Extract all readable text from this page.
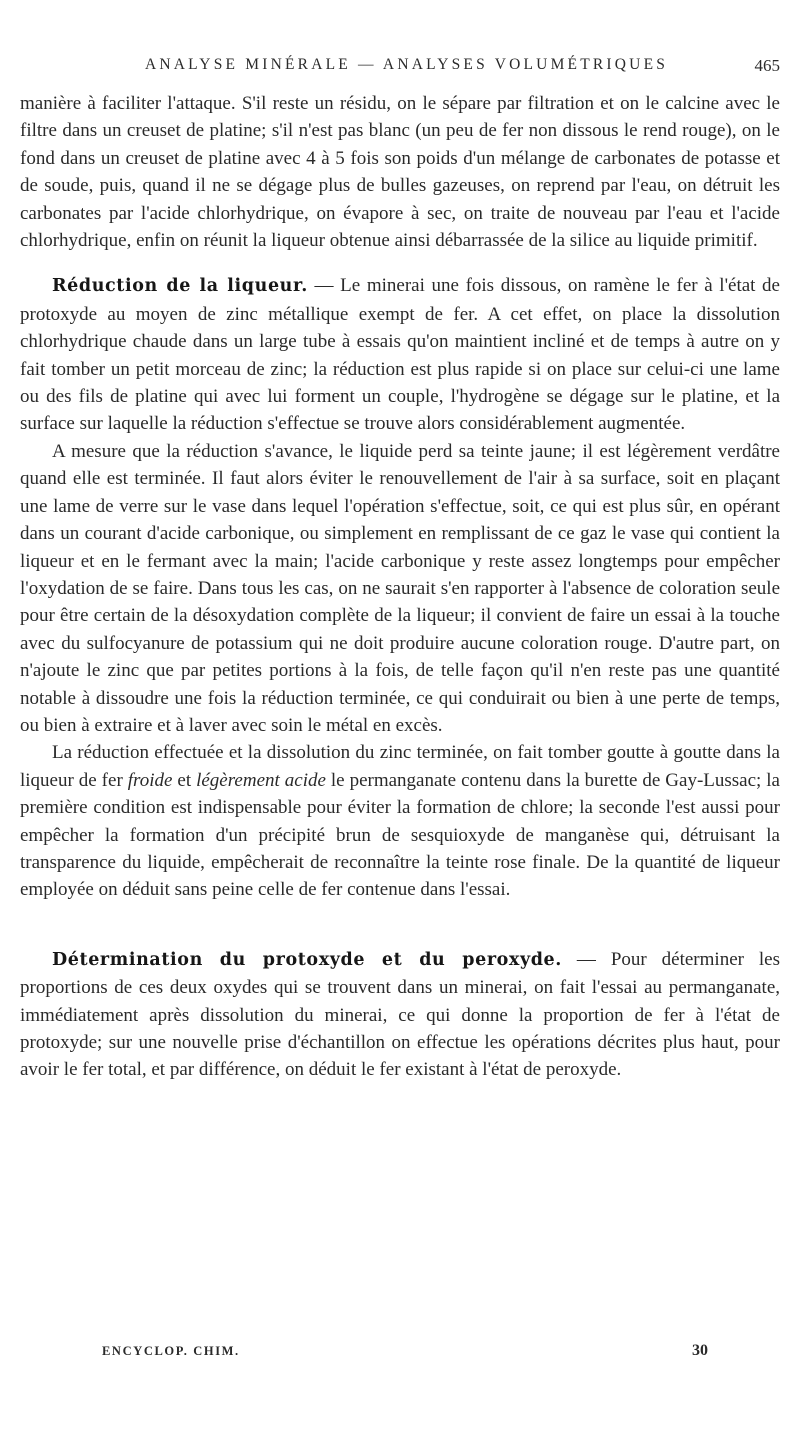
ANALYSE MINÉRALE — ANALYSES VOLUMÉTRIQUES	465

manière à faciliter l'attaque. S'il reste un résidu, on le sépare par filtration et on le calcine avec le filtre dans un creuset de platine; s'il n'est pas blanc (un peu de fer non dissous le rend rouge), on le fond dans un creuset de platine avec 4 à 5 fois son poids d'un mélange de carbonates de potasse et de soude, puis, quand il ne se dégage plus de bulles gazeuses, on reprend par l'eau, on détruit les carbonates par l'acide chlorhydrique, on évapore à sec, on traite de nouveau par l'eau et l'acide chlorhydrique, enfin on réunit la liqueur obtenue ainsi débarrassée de la silice au liquide primitif.

Réduction de la liqueur. — Le minerai une fois dissous, on ramène le fer à l'état de protoxyde au moyen de zinc métallique exempt de fer. A cet effet, on place la dissolution chlorhydrique chaude dans un large tube à essais qu'on maintient incliné et de temps à autre on y fait tomber un petit morceau de zinc; la réduction est plus rapide si on place sur celui-ci une lame ou des fils de platine qui avec lui forment un couple, l'hydrogène se dégage sur le platine, et la surface sur laquelle la réduction s'effectue se trouve alors considérablement augmentée.

A mesure que la réduction s'avance, le liquide perd sa teinte jaune; il est légèrement verdâtre quand elle est terminée. Il faut alors éviter le renouvellement de l'air à sa surface, soit en plaçant une lame de verre sur le vase dans lequel l'opération s'effectue, soit, ce qui est plus sûr, en opérant dans un courant d'acide carbonique, ou simplement en remplissant de ce gaz le vase qui contient la liqueur et en le fermant avec la main; l'acide carbonique y reste assez longtemps pour empêcher l'oxydation de se faire. Dans tous les cas, on ne saurait s'en rapporter à l'absence de coloration seule pour être certain de la désoxydation complète de la liqueur; il convient de faire un essai à la touche avec du sulfocyanure de potassium qui ne doit produire aucune coloration rouge. D'autre part, on n'ajoute le zinc que par petites portions à la fois, de telle façon qu'il n'en reste pas une quantité notable à dissoudre une fois la réduction terminée, ce qui conduirait ou bien à une perte de temps, ou bien à extraire et à laver avec soin le métal en excès.

La réduction effectuée et la dissolution du zinc terminée, on fait tomber goutte à goutte dans la liqueur de fer froide et légèrement acide le permanganate contenu dans la burette de Gay-Lussac; la première condition est indispensable pour éviter la formation de chlore; la seconde l'est aussi pour empêcher la formation d'un précipité brun de sesquioxyde de manganèse qui, détruisant la transparence du liquide, empêcherait de reconnaître la teinte rose finale. De la quantité de liqueur employée on déduit sans peine celle de fer contenue dans l'essai.

Détermination du protoxyde et du peroxyde. — Pour déterminer les proportions de ces deux oxydes qui se trouvent dans un minerai, on fait l'essai au permanganate, immédiatement après dissolution du minerai, ce qui donne la proportion de fer à l'état de protoxyde; sur une nouvelle prise d'échantillon on effectue les opérations décrites plus haut, pour avoir le fer total, et par différence, on déduit le fer existant à l'état de peroxyde.

ENCYCLOP. CHIM.	30
